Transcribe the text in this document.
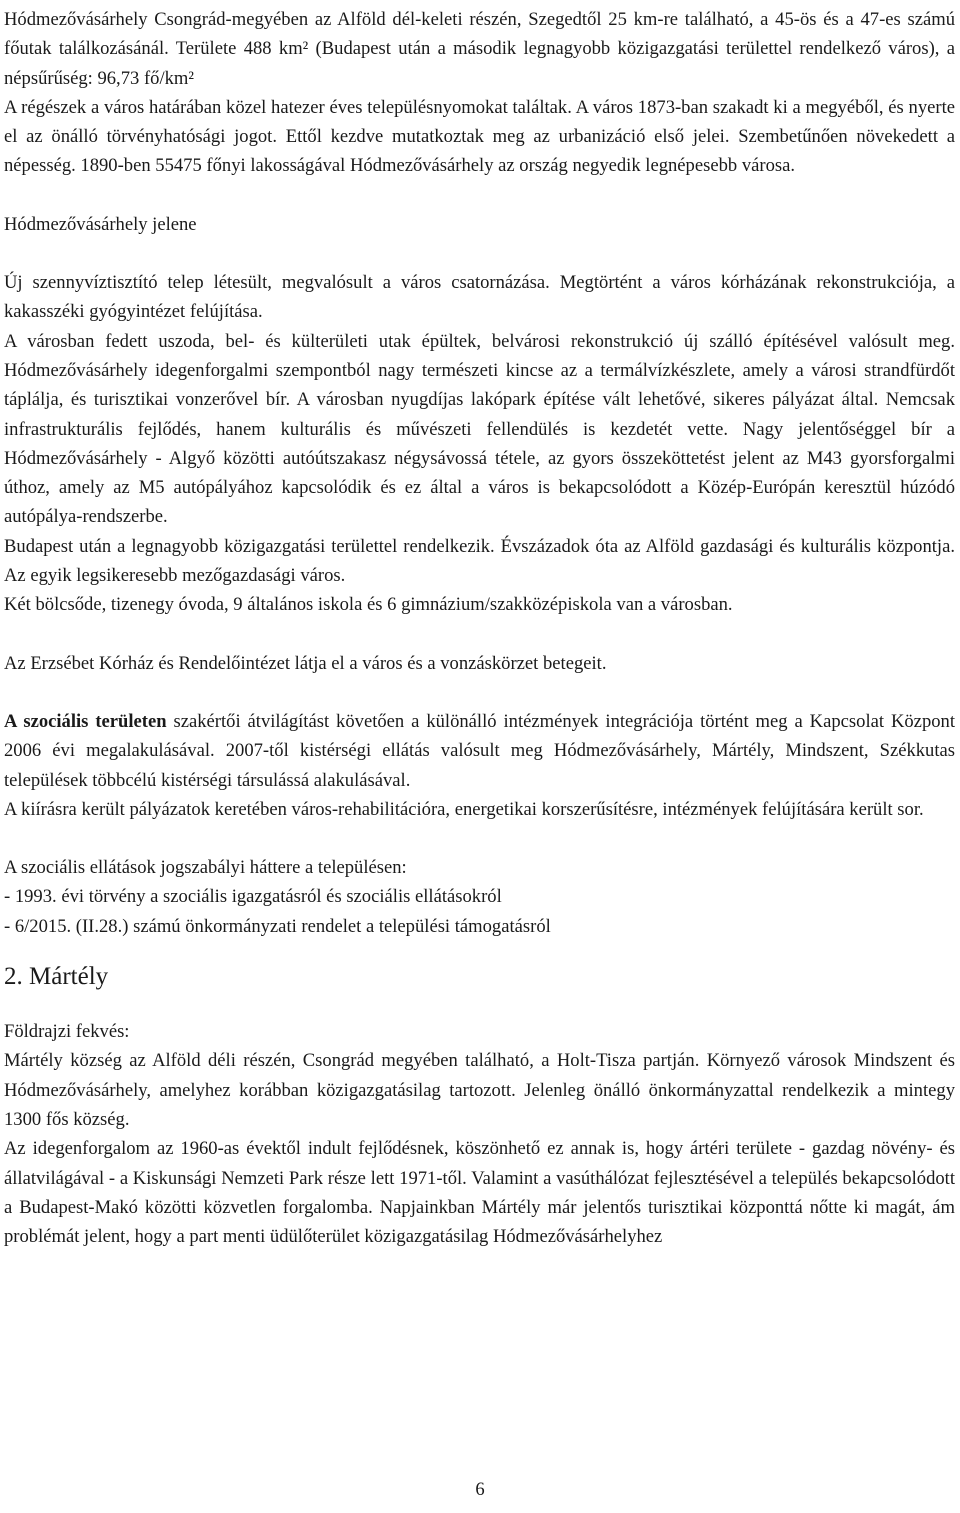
Hódmezővásárhely Csongrád-megyében az Alföld dél-keleti részén, Szegedtől 25 km-re található, a 45-ös és a 47-es számú főutak találkozásánál. Területe 488 km² (Budapest után a második legnagyobb közigazgatási területtel rendelkező város), a népsűrűség: 96,73 fő/km²

A régészek a város határában közel hatezer éves településnyomokat találtak. A város 1873-ban szakadt ki a megyéből, és nyerte el az önálló törvényhatósági jogot. Ettől kezdve mutatkoztak meg az urbanizáció első jelei. Szembetűnően növekedett a népesség. 1890-ben 55475 főnyi lakosságával Hódmezővásárhely az ország negyedik legnépesebb városa.

Hódmezővásárhely jelene

Új szennyvíztisztító telep létesült, megvalósult a város csatornázása. Megtörtént a város kórházának rekonstrukciója, a kakasszéki gyógyintézet felújítása.

A városban fedett uszoda, bel- és külterületi utak épültek, belvárosi rekonstrukció új szálló építésével valósult meg. Hódmezővásárhely idegenforgalmi szempontból nagy természeti kincse az a termálvízkészlete, amely a városi strandfürdőt táplálja, és turisztikai vonzerővel bír. A városban nyugdíjas lakópark építése vált lehetővé, sikeres pályázat által. Nemcsak infrastrukturális fejlődés, hanem kulturális és művészeti fellendülés is kezdetét vette. Nagy jelentőséggel bír a Hódmezővásárhely - Algyő közötti autóútszakasz négysávossá tétele, az gyors összeköttetést jelent az M43 gyorsforgalmi úthoz, amely az M5 autópályához kapcsolódik és ez által a város is bekapcsolódott a Közép-Európán keresztül húzódó autópálya-rendszerbe.

Budapest után a legnagyobb közigazgatási területtel rendelkezik. Évszázadok óta az Alföld gazdasági és kulturális központja. Az egyik legsikeresebb mezőgazdasági város.

Két bölcsőde, tizenegy óvoda, 9 általános iskola és 6 gimnázium/szakközépiskola van a városban.

Az Erzsébet Kórház és Rendelőintézet látja el a város és a vonzáskörzet betegeit.

A szociális területen szakértői átvilágítást követően a különálló intézmények integrációja történt meg a Kapcsolat Központ 2006 évi megalakulásával. 2007-től kistérségi ellátás valósult meg Hódmezővásárhely, Mártély, Mindszent, Székkutas települések többcélú kistérségi társulássá alakulásával.

A kiírásra került pályázatok keretében város-rehabilitációra, energetikai korszerűsítésre, intézmények felújítására került sor.

A szociális ellátások jogszabályi háttere a településen:

- 1993. évi törvény a szociális igazgatásról és szociális ellátásokról

- 6/2015. (II.28.) számú önkormányzati rendelet a települési támogatásról

2. Mártély

Földrajzi fekvés:

Mártély község az Alföld déli részén, Csongrád megyében található, a Holt-Tisza partján. Környező városok Mindszent és Hódmezővásárhely, amelyhez korábban közigazgatásilag tartozott. Jelenleg önálló önkormányzattal rendelkezik a mintegy 1300 fős község.

Az idegenforgalom az 1960-as évektől indult fejlődésnek, köszönhető ez annak is, hogy ártéri területe - gazdag növény- és állatvilágával - a Kiskunsági Nemzeti Park része lett 1971-től. Valamint a vasúthálózat fejlesztésével a település bekapcsolódott a Budapest-Makó közötti közvetlen forgalomba. Napjainkban Mártély már jelentős turisztikai központtá nőtte ki magát, ám problémát jelent, hogy a part menti üdülőterület közigazgatásilag Hódmezővásárhelyhez

6
